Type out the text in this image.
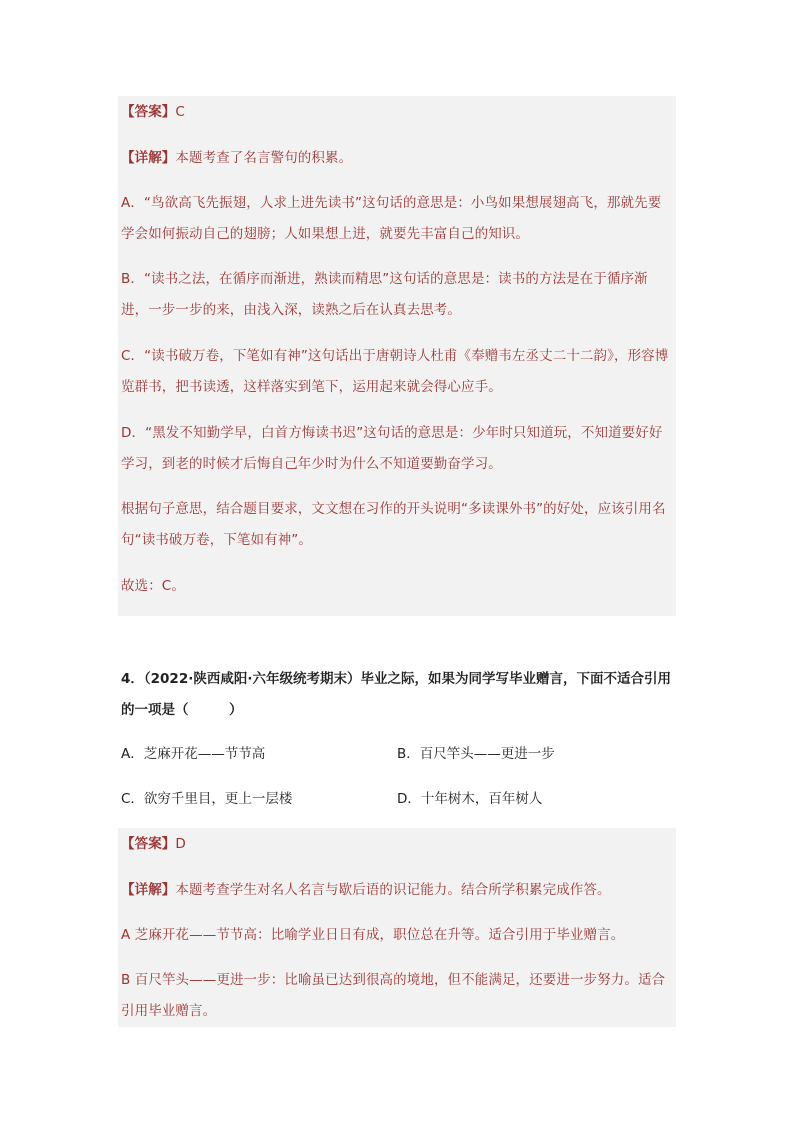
【答案】C

【详解】本题考查了名言警句的积累。

A．“鸟欲高飞先振翅，人求上进先读书”这句话的意思是：小鸟如果想展翅高飞，那就先要学会如何振动自己的翅膀；人如果想上进，就要先丰富自己的知识。

B．“读书之法，在循序而渐进，熟读而精思”这句话的意思是：读书的方法是在于循序渐进，一步一步的来，由浅入深，读熟之后在认真去思考。

C．“读书破万卷，下笔如有神”这句话出于唐朝诗人杜甫《奉赠韦左丞丈二十二韵》，形容博览群书，把书读透，这样落实到笔下，运用起来就会得心应手。

D．“黑发不知勤学早，白首方悔读书迟”这句话的意思是：少年时只知道玩，不知道要好好学习，到老的时候才后悔自己年少时为什么不知道要勤奋学习。

根据句子意思，结合题目要求，文文想在习作的开头说明“多读课外书”的好处，应该引用名句“读书破万卷，下笔如有神”。

故选：C。

4．（2022·陕西咸阳·六年级统考期末）毕业之际，如果为同学写毕业赠言，下面不适合引用的一项是（　　　）

A．芝麻开花——节节高	B．百尺竿头——更进一步

C．欲穷千里目，更上一层楼	D．十年树木，百年树人

【答案】D

【详解】本题考查学生对名人名言与歇后语的识记能力。结合所学积累完成作答。

A 芝麻开花——节节高：比喻学业日日有成，职位总在升等。适合引用于毕业赠言。

B 百尺竿头——更进一步：比喻虽已达到很高的境地，但不能满足，还要进一步努力。适合引用毕业赠言。
